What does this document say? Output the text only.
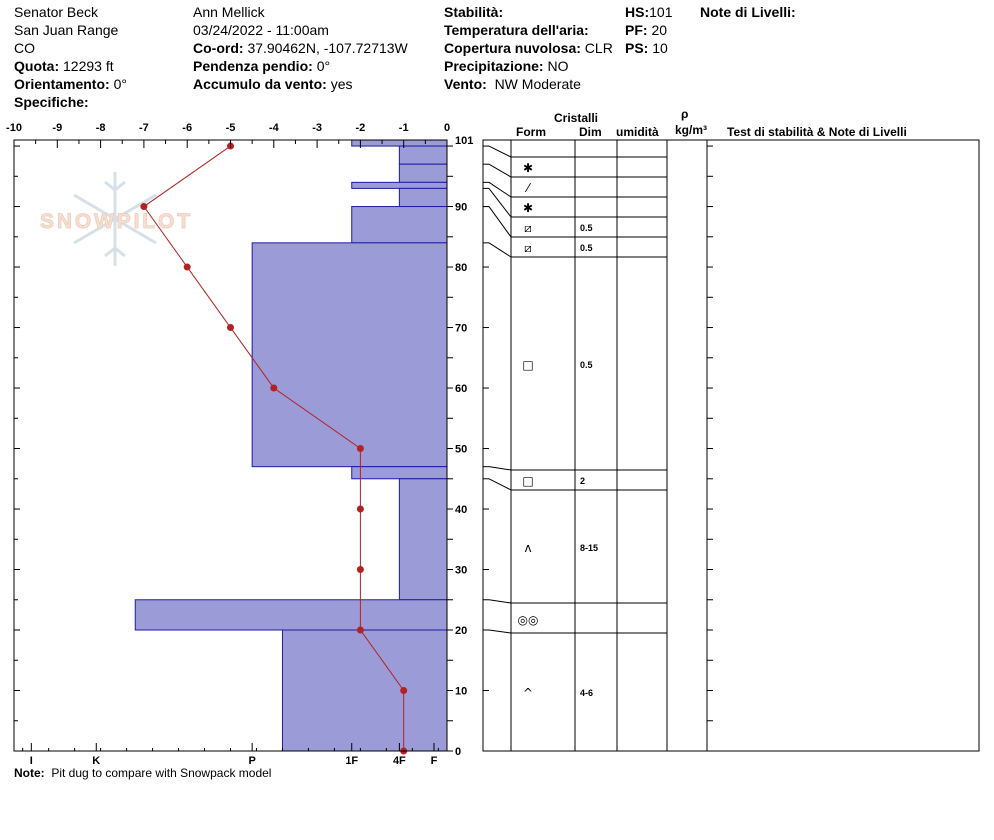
Senator Beck
San Juan Range
CO
Quota: 12293 ft
Orientamento: 0°
Specifiche:
Ann Mellick
03/24/2022 - 11:00am
Co-ord: 37.90462N, -107.72713W
Pendenza pendio: 0°
Accumulo da vento: yes
Stabilità:
Temperatura dell'aria:
Copertura nuvolosa: CLR
Precipitazione: NO
Vento: NW Moderate
HS:101
PF: 20
PS: 10
Note di Livelli:
SNOWPILOT
-10	-9	-8	-7	-6	-5	-4	-3	-2	-1	0
0
10
20
30
40
50
60
70
80
90
101
I	K	P	1F	4F F
✱
⁄
✱
⧄	0.5
⧄	0.5
□	0.5
□	2
ʌ	8-15
◎◎
^	4-6
Cristalli
Form	Dim umidità
ρ
kg/m³ Test di stabilità & Note di Livelli
Note: Pit dug to compare with Snowpack model
